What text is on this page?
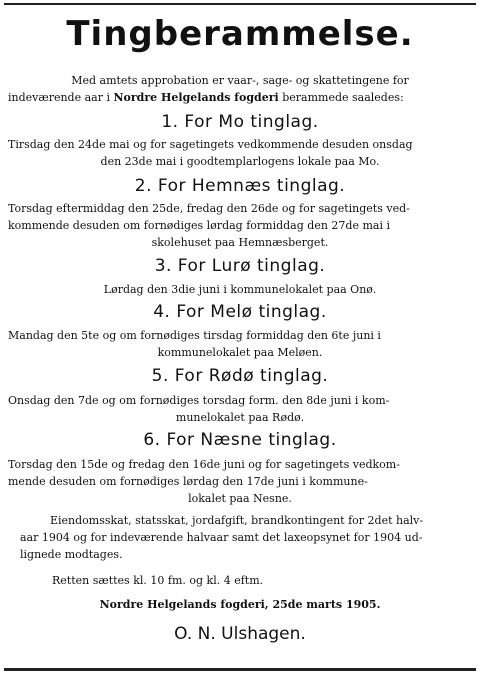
Tingberammelse.
Med amtets approbation er vaar-, sage- og skattetingene for
indeværende aar i Nordre Helgelands fogderi berammede saaledes:
1. For Mo tinglag.
Tirsdag den 24de mai og for sagetingets vedkommende desuden onsdag
den 23de mai i goodtemplarlogens lokale paa Mo.
2. For Hemnæs tinglag.
Torsdag eftermiddag den 25de, fredag den 26de og for sagetingets ved-
kommende desuden om fornødiges lørdag formiddag den 27de mai i
skolehuset paa Hemnæsberget.
3. For Lurø tinglag.
Lørdag den 3die juni i kommunelokalet paa Onø.
4. For Melø tinglag.
Mandag den 5te og om fornødiges tirsdag formiddag den 6te juni i
kommunelokalet paa Meløen.
5. For Rødø tinglag.
Onsdag den 7de og om fornødiges torsdag form. den 8de juni i kom-
munelokalet paa Rødø.
6. For Næsne tinglag.
Torsdag den 15de og fredag den 16de juni og for sagetingets vedkom-
mende desuden om fornødiges lørdag den 17de juni i kommune-
lokalet paa Nesne.
Eiendomsskat, statsskat, jordafgift, brandkontingent for 2det halv-
aar 1904 og for indeværende halvaar samt det laxeopsynet for 1904 ud-
lignede modtages.
Retten sættes kl. 10 fm. og kl. 4 eftm.
Nordre Helgelands fogderi, 25de marts 1905.
O. N. Ulshagen.
